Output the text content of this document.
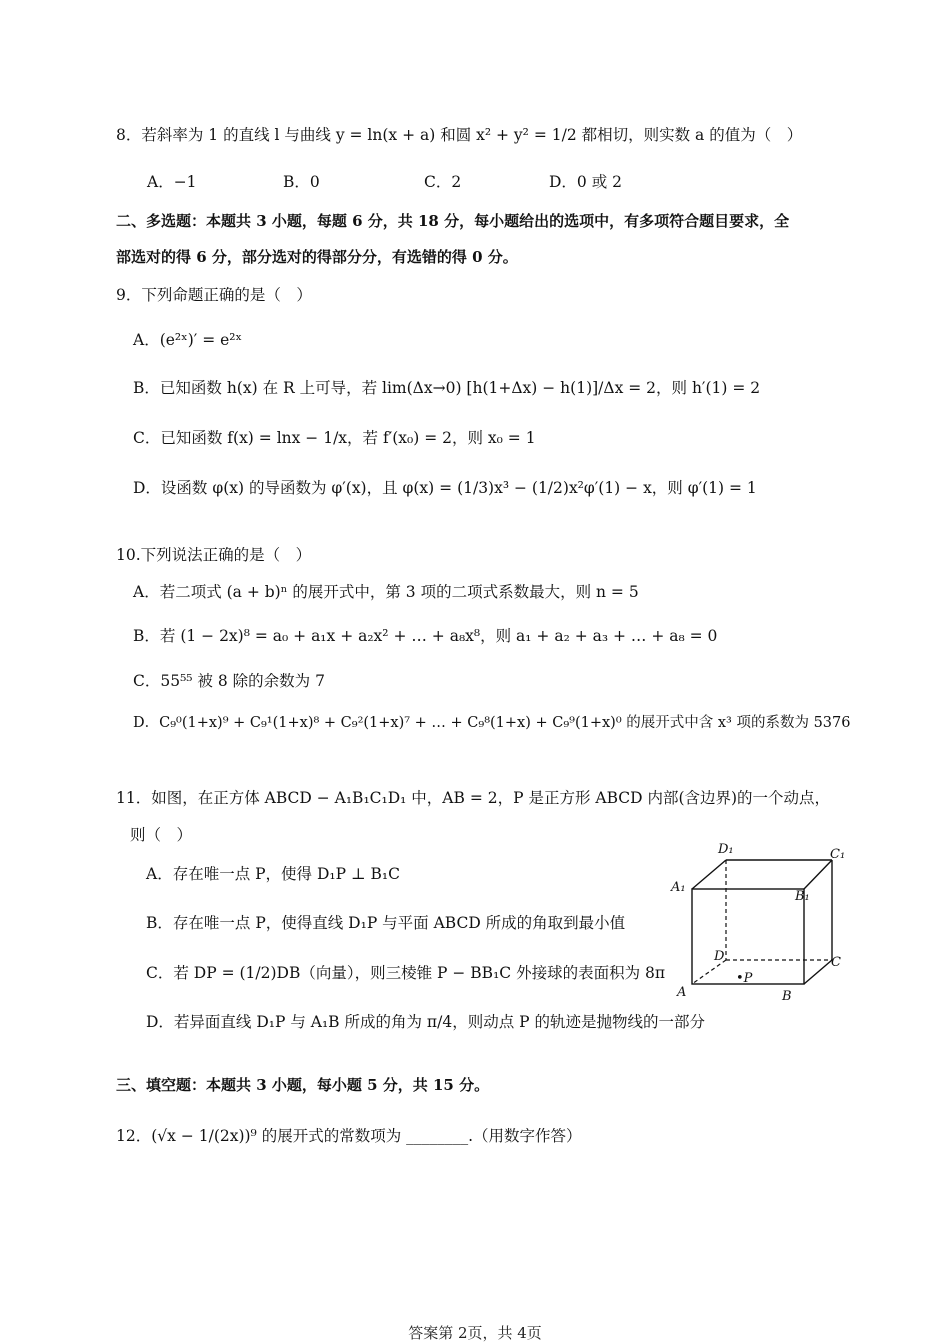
8．若斜率为 1 的直线 l 与曲线 y = ln(x + a) 和圆 x² + y² = 1/2 都相切，则实数 a 的值为（　）
A．−1	B．0	C．2	D．0 或 2
二、多选题：本题共 3 小题，每题 6 分，共 18 分，每小题给出的选项中，有多项符合题目要求，全
部选对的得 6 分，部分选对的得部分分，有选错的得 0 分。
9．下列命题正确的是（　）
A．(e²ˣ)′ = e²ˣ
B．已知函数 h(x) 在 R 上可导，若 lim(Δx→0) [h(1+Δx) − h(1)]/Δx = 2，则 h′(1) = 2
C．已知函数 f(x) = lnx − 1/x，若 f′(x₀) = 2，则 x₀ = 1
D．设函数 φ(x) 的导函数为 φ′(x)，且 φ(x) = (1/3)x³ − (1/2)x²φ′(1) − x，则 φ′(1) = 1
10.下列说法正确的是（　）
A．若二项式 (a + b)ⁿ 的展开式中，第 3 项的二项式系数最大，则 n = 5
B．若 (1 − 2x)⁸ = a₀ + a₁x + a₂x² + … + a₈x⁸，则 a₁ + a₂ + a₃ + … + a₈ = 0
C．55⁵⁵ 被 8 除的余数为 7
D．C₉⁰(1+x)⁹ + C₉¹(1+x)⁸ + C₉²(1+x)⁷ + … + C₉⁸(1+x) + C₉⁹(1+x)⁰ 的展开式中含 x³ 项的系数为 5376
11．如图，在正方体 ABCD − A₁B₁C₁D₁ 中，AB = 2，P 是正方形 ABCD 内部(含边界)的一个动点，
则（　）
A．存在唯一点 P，使得 D₁P ⊥ B₁C
B．存在唯一点 P，使得直线 D₁P 与平面 ABCD 所成的角取到最小值
C．若 DP = (1/2)DB（向量），则三棱锥 P − BB₁C 外接球的表面积为 8π
D．若异面直线 D₁P 与 A₁B 所成的角为 π/4，则动点 P 的轨迹是抛物线的一部分
D₁	C₁
A₁
B₁
D	C
A	B
•P
三、填空题：本题共 3 小题，每小题 5 分，共 15 分。
12．(√x − 1/(2x))⁹ 的展开式的常数项为 ________.（用数字作答）
答案第 2页，共 4页
